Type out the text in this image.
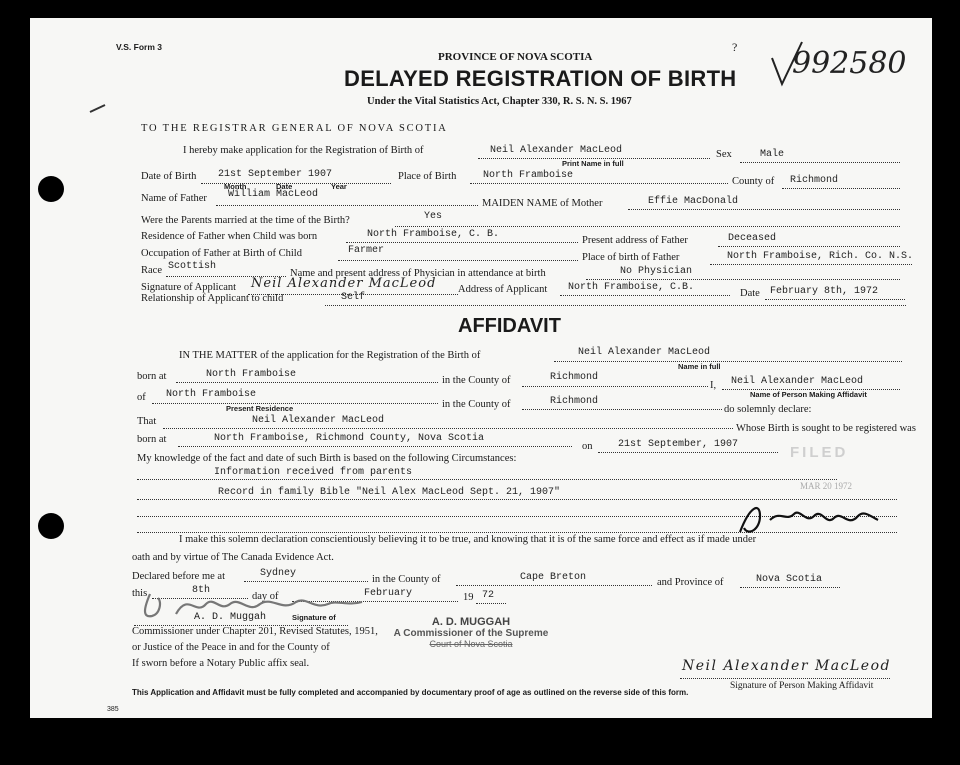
V.S. Form 3
PROVINCE OF NOVA SCOTIA
DELAYED REGISTRATION OF BIRTH
Under the Vital Statistics Act, Chapter 330, R. S. N. S. 1967
? 992580
TO THE REGISTRAR GENERAL OF NOVA SCOTIA
I hereby make application for the Registration of Birth of	Neil Alexander MacLeod
Print Name in full
Sex	Male
Date of Birth 21st September 1907
Month	Date	Year
Place of Birth	North Framboise
County of Richmond
Name of Father William MacLeod
MAIDEN NAME of Mother	Effie MacDonald
Were the Parents married at the time of the Birth?	Yes
Residence of Father when Child was born	North Framboise, C. B.
Present address of Father	Deceased
Occupation of Father at Birth of Child	Farmer
Place of birth of Father	North Framboise, Rich. Co. N.S.
Race Scottish
Name and present address of Physician in attendance at birth	No Physician
Signature of Applicant Neil Alexander MacLeod Address of Applicant North Framboise, C.B.
Date February 8th, 1972
Relationship of Applicant to child	Self
AFFIDAVIT
IN THE MATTER of the application for the Registration of the Birth of	Neil Alexander MacLeod
Name in full
born at	North Framboise
in the County of	Richmond
I, Neil Alexander MacLeod
Name of Person Making Affidavit
of North Framboise
in the County of	Richmond
do solemnly declare:
Present Residence
That	Neil Alexander MacLeod
Whose Birth is sought to be registered was
born at	North Framboise, Richmond County, Nova Scotia
on	21st September, 1907
My knowledge of the fact and date of such Birth is based on the following Circumstances:
Information received from parents
Record in family Bible "Neil Alex MacLeod Sept. 21, 1907"
FILED
MAR 20 1972
I make this solemn declaration conscientiously believing it to be true, and knowing that it is of the same force and effect as if made under
oath and by virtue of The Canada Evidence Act.
Declared before me at	Sydney
in the County of	Cape Breton	and Province of	Nova Scotia
this	8th
day of	February	19 72
A. D. Muggah	Signature of
Commissioner under Chapter 201, Revised Statutes, 1951,
or Justice of the Peace in and for the County of
If sworn before a Notary Public affix seal.
A. D. MUGGAH
A Commissioner of the Supreme
Court of Nova Scotia
Neil Alexander MacLeod
Signature of Person Making Affidavit
This Application and Affidavit must be fully completed and accompanied by documentary proof of age as outlined on the reverse side of this form.
385
